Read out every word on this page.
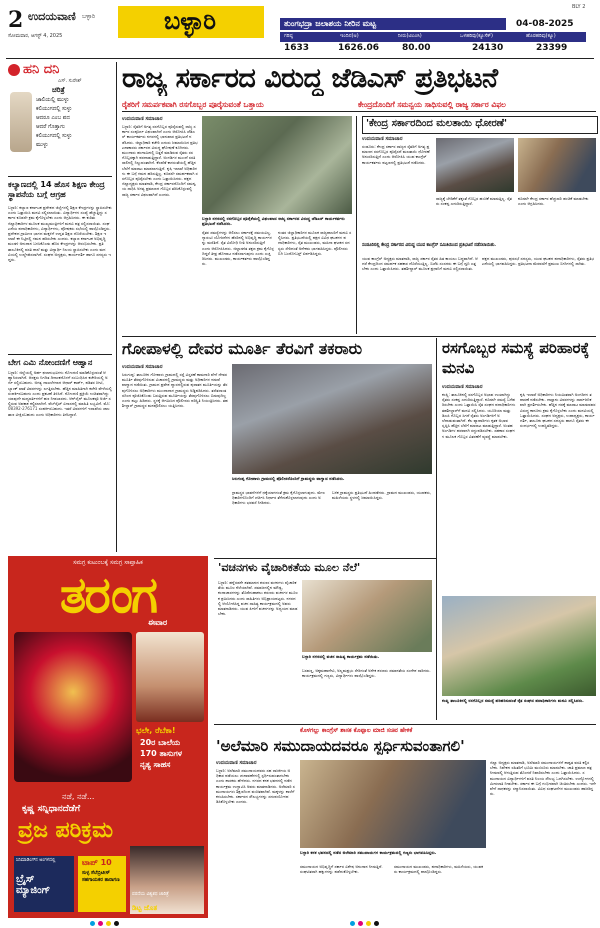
2 ಉದಯವಾಣಿ ಬಳ್ಳಾರಿ
ಸೋಮವಾರ, ಆಗಸ್ಟ್ 4, 2025
ಬಳ್ಳಾರಿ	BLY 2
ತುಂಗಭದ್ರಾ ಜಲಾಶಯ ನೀರಿನ ಮಟ್ಟ	04-08-2025
ಗರಿಷ್ಠ	ಇಂದಿನ(ಅ)	ನೀರು(ಟಿಎಂಸಿ)	ಒಳಹರಿವು(ಕ್ಯೂಸೆಕ್)	ಹೊರಹರಿವು(ಕ್ಯೂ)
1633	1626.06	80.00	24130	23399
ಹನಿ ದನಿ
ಎಸ್. ಸುರೇಶ್
ಚರಿತ್ರೆ
ಜಾಲಿಯಲ್ಲಿ ಮುಳ್ಳು
ಕಲಿಯುಗದಲ್ಲಿ ಸುಳ್ಳು
ಆದರೂ ಎಂಬ ಪದ
ಆದರೆ ಗೊತ್ತಾಗು
ಕಲಿಯುಗದಲ್ಲಿ ಸುಳ್ಳು
ಮುಳ್ಳು
ಕಲ್ಯಾಣದಲ್ಲಿ 14 ಹೊಸ ಶಿಕ್ಷಣ ಕೇಂದ್ರ ಸ್ಥಾಪನೆಯ ಬಗ್ಗೆ ಆಗ್ರಹ
ಬಳ್ಳಾರಿ: ಕಲ್ಯಾಣ ಕರ್ನಾಟಕ ಪ್ರದೇಶದ ಜಿಲ್ಲೆಗಳಲ್ಲಿ ಶಿಕ್ಷಣ ಕೇಂದ್ರಗಳನ್ನು ಸ್ಥಾಪಿಸಬೇಕು ಎಂದು ಒತ್ತಾಯಿಸಿ ಮನವಿ ಸಲ್ಲಿಸಲಾಯಿತು. ವಿದ್ಯಾರ್ಥಿಗಳ ಸಂಖ್ಯೆ ಹೆಚ್ಚುತ್ತಿದ್ದು ಸರ್ಕಾರ ಕೂಡಲೇ ಕ್ರಮ ಕೈಗೊಳ್ಳಬೇಕು ಎಂದು ಆಗ್ರಹಿಸಿದರು. ಈ ಕುರಿತು ಜಿಲ್ಲಾಧಿಕಾರಿಗಳ ಮೂಲಕ ಮುಖ್ಯಮಂತ್ರಿಗಳಿಗೆ ಮನವಿ ಪತ್ರ ಸಲ್ಲಿಸಲಾಯಿತು. ಸಂಘಟನೆಯ ಪದಾಧಿಕಾರಿಗಳು, ವಿದ್ಯಾರ್ಥಿಗಳು, ಪೋಷಕರು ಸಭೆಯಲ್ಲಿ ಪಾಲ್ಗೊಂಡಿದ್ದರು. ಪ್ರದೇಶದ ಗ್ರಾಮೀಣ ಭಾಗದ ಮಕ್ಕಳಿಗೆ ಉನ್ನತ ಶಿಕ್ಷಣ ದೊರೆಯಬೇಕು. ಶಿಕ್ಷಣ ಇಲಾಖೆ ಈ ನಿಟ್ಟಿನಲ್ಲಿ ಗಮನ ಹರಿಸಬೇಕು ಎಂದರು. ಕಲ್ಯಾಣ ಕರ್ನಾಟಕ ಅಭಿವೃದ್ಧಿ ಮಂಡಳಿ ಅನುದಾನ ಬಳಸಿಕೊಂಡು ಹೊಸ ಕೇಂದ್ರಗಳನ್ನು ಆರಂಭಿಸಬೇಕು. ಪ್ರತಿ ತಾಲೂಕಿನಲ್ಲಿ ವಸತಿ ಶಾಲೆ ಮತ್ತು ವಿದ್ಯಾರ್ಥಿ ನಿಲಯ ಸ್ಥಾಪಿಸಬೇಕು ಎಂದು ಮನವಿಯಲ್ಲಿ ಉಲ್ಲೇಖಿಸಲಾಗಿದೆ. ಸಂಘದ ಅಧ್ಯಕ್ಷರು, ಕಾರ್ಯದರ್ಶಿ ಹಾಗೂ ಸದಸ್ಯರು ಇದ್ದರು.
ಬೇಗ ಎಮಿ ನೋಂದಣಿಗೆ ಆಹ್ವಾನ
ಬಳ್ಳಾರಿ: ಜಿಲ್ಲೆಯಲ್ಲಿ ಅರ್ಹ ಫಲಾನುಭವಿಗಳು ನೋಂದಣಿ ಮಾಡಿಕೊಳ್ಳುವಂತೆ ಆಹ್ವಾನಿಸಲಾಗಿದೆ. ಆಸಕ್ತರು ನಿಗದಿತ ದಿನಾಂಕದೊಳಗೆ ಸಂಬಂಧಿಸಿದ ಕಚೇರಿಯಲ್ಲಿ ಅರ್ಜಿ ಸಲ್ಲಿಸಬಹುದು. ಅಗತ್ಯ ದಾಖಲೆಗಳಾದ ಆಧಾರ್ ಕಾರ್ಡ್, ಪಡಿತರ ಚೀಟಿ, ಬ್ಯಾಂಕ್ ಖಾತೆ ವಿವರಗಳನ್ನು ಲಗತ್ತಿಸಬೇಕು. ಹೆಚ್ಚಿನ ಮಾಹಿತಿಗಾಗಿ ಕಚೇರಿ ವೇಳೆಯಲ್ಲಿ ಸಂಪರ್ಕಿಸಬಹುದು ಎಂದು ಪ್ರಕಟಣೆ ತಿಳಿಸಿದೆ. ನೋಂದಣಿ ಪ್ರಕ್ರಿಯೆ ಉಚಿತವಾಗಿದ್ದು ಯಾವುದೇ ಮಧ್ಯವರ್ತಿಗಳಿಗೆ ಹಣ ನೀಡಬಾರದು. ಆನ್‌ಲೈನ್ ಮೂಲಕವೂ ಅರ್ಜಿ ಸಲ್ಲಿಸುವ ಅವಕಾಶ ಕಲ್ಪಿಸಲಾಗಿದೆ. ವೆಬ್‌ಸೈಟ್ ವಿಳಾಸದಲ್ಲಿ ಮಾಹಿತಿ ಲಭ್ಯವಿದೆ. ಮೊ: 08392-276171 ಸಂಪರ್ಕಿಸಬಹುದು. ಇತರೆ ವಿವರಗಳಿಗೆ ಇಲಾಖೆಯ ಜಾಲತಾಣ ವೀಕ್ಷಿಸಬಹುದು ಎಂದು ಅಧಿಕಾರಿಗಳು ತಿಳಿಸಿದ್ದಾರೆ.
ಸಮಗ್ರ ಕುಟುಂಬಕ್ಕೆ ಸಮಗ್ರ ಸಾಪ್ತಾಹಿಕ
ತರಂಗ
ಈವಾರ
ಭಲೇ, ರೆಬೆಕಾ!
20ರ ಬಾಲೆಯ
170 ತಾಸುಗಳ
ನೃತ್ಯ ಸಾಹಸ
ನಡೆ, ನಡೆ...
ಕೃಷ್ಣ ಸನ್ನಿಧಾನದೆಡೆಗೆ
ವ್ರಜ ಪರಿಕ್ರಮ
ಸಿನಿಮಾಡಿಂಗ್‍ನ ಅಂಗಳದಲ್ಲಿ
ಬ್ರೈಸ್ ಮ್ಯಾಜಿಂಗ್
ಟಾಪ್ 10
ಸುಳ್ಳ ಸೆಲೆಬ್ರಿಟೀಸ್ ಸಹಗಾಯಕರ ತಾರಾಗಣ
ಪರದೆಯ ವಿಶ್ವಕಥ ಚಾರಿತ್ರೆ
ಡಿಟ್ಟ ಜೊತ
ರಾಜ್ಯ ಸರ್ಕಾರದ ವಿರುದ್ಧ ಜೆಡಿಎಸ್ ಪ್ರತಿಭಟನೆ
ರೈತರಿಗೆ ಸಮರ್ಪಕವಾಗಿ ರಸಗೊಬ್ಬರ ಪೂರೈಸುವಂತೆ ಒತ್ತಾಯ	ಕೇಂದ್ರದೊಂದಿಗೆ ಸಮನ್ವಯ ಸಾಧಿಸುವಲ್ಲಿ ರಾಜ್ಯ ಸರ್ಕಾರ ವಿಫಲ
ಉದಯವಾಣಿ ಸಮಾಚಾರ
ಬಳ್ಳಾರಿ: ರೈತರಿಗೆ ಅಗತ್ಯ ರಸಗೊಬ್ಬರ ಪೂರೈಸುವಲ್ಲಿ ರಾಜ್ಯ ಸರ್ಕಾರ ಸಂಪೂರ್ಣ ವಿಫಲವಾಗಿದೆ ಎಂದು ಆರೋಪಿಸಿ ಜೆಡಿಎಸ್ ಕಾರ್ಯಕರ್ತರು ನಗರದಲ್ಲಿ ಭಾನುವಾರ ಪ್ರತಿಭಟನೆ ನಡೆಸಿದರು. ಜಿಲ್ಲಾಧಿಕಾರಿ ಕಚೇರಿ ಎದುರು ಜಮಾಯಿಸಿದ ಪ್ರತಿಭಟನಾಕಾರರು ಸರ್ಕಾರದ ವಿರುದ್ಧ ಘೋಷಣೆ ಕೂಗಿದರು. ಮುಂಗಾರು ಹಂಗಾಮಿನಲ್ಲಿ ಬಿತ್ತನೆ ಮಾಡಿರುವ ರೈತರು ರಸಗೊಬ್ಬರಕ್ಕಾಗಿ ಪರದಾಡುತ್ತಿದ್ದಾರೆ. ಅಂಗಡಿಗಳ ಮುಂದೆ ಸರತಿ ಸಾಲಿನಲ್ಲಿ ನಿಲ್ಲುವಂತಾಗಿದೆ. ಕೆಲವೆಡೆ ಕಾಳಸಂತೆಯಲ್ಲಿ ಹೆಚ್ಚಿನ ಬೆಲೆಗೆ ಮಾರಾಟ ಮಾಡಲಾಗುತ್ತಿದೆ. ಕೃಷಿ ಇಲಾಖೆ ಅಧಿಕಾರಿಗಳು ಈ ಬಗ್ಗೆ ಗಮನ ಹರಿಸುತ್ತಿಲ್ಲ. ಕೂಡಲೇ ಸಮರ್ಪಕವಾಗಿ ರಸಗೊಬ್ಬರ ಪೂರೈಸಬೇಕು ಎಂದು ಒತ್ತಾಯಿಸಿದರು. ಪಕ್ಷದ ಜಿಲ್ಲಾಧ್ಯಕ್ಷರು ಮಾತನಾಡಿ, ಕೇಂದ್ರ ಸರ್ಕಾರದೊಂದಿಗೆ ಸಮನ್ವಯ ಸಾಧಿಸಿ ಅಗತ್ಯ ಪ್ರಮಾಣದ ಗೊಬ್ಬರ ತರಿಸಿಕೊಳ್ಳುವಲ್ಲಿ ರಾಜ್ಯ ಸರ್ಕಾರ ವಿಫಲವಾಗಿದೆ ಎಂದರು.
ಬಳ್ಳಾರಿ ನಗರದಲ್ಲಿ ರಸಗೊಬ್ಬರ ಪೂರೈಕೆಯಲ್ಲಿ ವಿಫಲವಾದ ರಾಜ್ಯ ಸರ್ಕಾರದ ವಿರುದ್ಧ ಜೆಡಿಎಸ್ ಕಾರ್ಯಕರ್ತರು ಪ್ರತಿಭಟನೆ ನಡೆಸಿದರು.
ರೈತರ ಸಮಸ್ಯೆಗಳನ್ನು ಆಲಿಸಲು ಸರ್ಕಾರಕ್ಕೆ ಸಮಯವಿಲ್ಲ. ಗ್ಯಾರಂಟಿ ಯೋಜನೆಗಳ ಹೆಸರಿನಲ್ಲಿ ಅಭಿವೃದ್ಧಿ ಕಾರ್ಯಗಳನ್ನು ಮರೆತಿದೆ. ರೈತ ವಿರೋಧಿ ನೀತಿ ಅನುಸರಿಸುತ್ತಿದೆ ಎಂದು ಆರೋಪಿಸಿದರು. ಜಿಲ್ಲಾಡಳಿತ ತಕ್ಷಣ ಕ್ರಮ ಕೈಗೊಳ್ಳದಿದ್ದರೆ ತೀವ್ರ ಹೋರಾಟ ನಡೆಸಲಾಗುವುದು ಎಂದು ಎಚ್ಚರಿಸಿದರು. ಮುಖಂಡರು, ಕಾರ್ಯಕರ್ತರು ಪಾಲ್ಗೊಂಡಿದ್ದರು.
ನಂತರ ಜಿಲ್ಲಾಧಿಕಾರಿಗಳ ಮೂಲಕ ರಾಜ್ಯಪಾಲರಿಗೆ ಮನವಿ ಸಲ್ಲಿಸಿದರು. ಪ್ರತಿಭಟನೆಯಲ್ಲಿ ಪಕ್ಷದ ವಿವಿಧ ಘಟಕಗಳ ಪದಾಧಿಕಾರಿಗಳು, ರೈತ ಮುಖಂಡರು, ಮಹಿಳಾ ಘಟಕದ ಸದಸ್ಯರು ಸೇರಿದಂತೆ ಅನೇಕರು ಭಾಗವಹಿಸಿದ್ದರು. ಪೊಲೀಸರು ಬಿಗಿ ಬಂದೋಬಸ್ತ್ ಏರ್ಪಡಿಸಿದ್ದರು.
'ಕೇಂದ್ರ ಸರ್ಕಾರದಿಂದ ಮಲತಾಯಿ ಧೋರಣೆ'
ಉದಯವಾಣಿ ಸಮಾಚಾರ
ಸಂಡೂರು: ಕೇಂದ್ರ ಸರ್ಕಾರ ರಾಜ್ಯದ ರೈತರಿಗೆ ಅಗತ್ಯ ಪ್ರಮಾಣದ ರಸಗೊಬ್ಬರ ಪೂರೈಸದೆ ಮಲತಾಯಿ ಧೋರಣೆ ಅನುಸರಿಸುತ್ತಿದೆ ಎಂದು ಆರೋಪಿಸಿ ಯುವ ಕಾಂಗ್ರೆಸ್ ಕಾರ್ಯಕರ್ತರು ಪಟ್ಟಣದಲ್ಲಿ ಪ್ರತಿಭಟನೆ ನಡೆಸಿದರು.
ರಾಜ್ಯಕ್ಕೆ ಬೇಡಿಕೆಗೆ ತಕ್ಕಂತೆ ಗೊಬ್ಬರ ಹಂಚಿಕೆ ಮಾಡುತ್ತಿಲ್ಲ. ರೈತರು ಸಂಕಷ್ಟ ಎದುರಿಸುತ್ತಿದ್ದಾರೆ.
ಕೂಡಲೇ ಕೇಂದ್ರ ಸರ್ಕಾರ ಹೆಚ್ಚುವರಿ ಹಂಚಿಕೆ ಮಾಡಬೇಕು ಎಂದು ಆಗ್ರಹಿಸಿದರು.
ಸಂಡೂರಿನಲ್ಲಿ ಕೇಂದ್ರ ಸರ್ಕಾರದ ವಿರುದ್ಧ ಯುವ ಕಾಂಗ್ರೆಸ್ ಸಮಿತಿಯಿಂದ ಪ್ರತಿಭಟನೆ ನಡೆಸಲಾಯಿತು.
ಯುವ ಕಾಂಗ್ರೆಸ್ ಅಧ್ಯಕ್ಷರು ಮಾತನಾಡಿ, ರಾಜ್ಯ ಸರ್ಕಾರ ರೈತರ ಹಿತ ಕಾಯಲು ಬದ್ಧವಾಗಿದೆ. ಆದರೆ ಕೇಂದ್ರದಿಂದ ಸಮರ್ಪಕ ಸಹಕಾರ ದೊರೆಯುತ್ತಿಲ್ಲ. ಬಿಜೆಪಿ ಸಂಸದರು ಈ ಬಗ್ಗೆ ಧ್ವನಿ ಎತ್ತಬೇಕು ಎಂದು ಒತ್ತಾಯಿಸಿದರು. ತಹಶೀಲ್ದಾರ್ ಮೂಲಕ ಪ್ರಧಾನಿಗೆ ಮನವಿ ಸಲ್ಲಿಸಲಾಯಿತು.
ಪಕ್ಷದ ಮುಖಂಡರು, ಪುರಸಭೆ ಸದಸ್ಯರು, ಯುವ ಘಟಕದ ಪದಾಧಿಕಾರಿಗಳು, ರೈತರು ಪ್ರತಿಭಟನೆಯಲ್ಲಿ ಭಾಗವಹಿಸಿದ್ದರು. ಪ್ರತಿಭಟನಾ ಮೆರವಣಿಗೆ ಪ್ರಮುಖ ಬೀದಿಗಳಲ್ಲಿ ಸಾಗಿತು.
ಗೋಪಾಳಲ್ಲಿ ದೇವರ ಮೂರ್ತಿ ತೆರವಿಗೆ ತಕರಾರು
ಉದಯವಾಣಿ ಸಮಾಚಾರ
ಸಿರುಗುಪ್ಪ: ತಾಲೂಕಿನ ಗೋಪಾಳು ಗ್ರಾಮದಲ್ಲಿ ರಸ್ತೆ ವಿಸ್ತರಣೆ ಕಾಮಗಾರಿ ವೇಳೆ ದೇವರ ಮೂರ್ತಿ ತೆರವುಗೊಳಿಸುವ ವಿಚಾರದಲ್ಲಿ ಗ್ರಾಮಸ್ಥರು ಮತ್ತು ಅಧಿಕಾರಿಗಳ ನಡುವೆ ವಾಗ್ವಾದ ನಡೆಯಿತು. ಗ್ರಾಮದ ಪ್ರವೇಶ ದ್ವಾರದಲ್ಲಿರುವ ಪುರಾತನ ಮೂರ್ತಿಯನ್ನು ತೆರವುಗೊಳಿಸಲು ಅಧಿಕಾರಿಗಳು ಮುಂದಾದಾಗ ಗ್ರಾಮಸ್ಥರು ಅಡ್ಡಿಪಡಿಸಿದರು. ತಲೆತಲಾಂತರದಿಂದ ಪೂಜಿಸಿಕೊಂಡು ಬರುತ್ತಿರುವ ಮೂರ್ತಿಯನ್ನು ತೆರವುಗೊಳಿಸಲು ಬಿಡುವುದಿಲ್ಲ ಎಂದು ಪಟ್ಟು ಹಿಡಿದರು. ಸ್ಥಳಕ್ಕೆ ಆಗಮಿಸಿದ ಪೊಲೀಸರು ಪರಿಸ್ಥಿತಿ ನಿಯಂತ್ರಿಸಿದರು. ತಹಶೀಲ್ದಾರ್ ಗ್ರಾಮಸ್ಥರ ಮನವೊಲಿಸಲು ಯತ್ನಿಸಿದರು.
ಸಿರುಗುಪ್ಪ ಗೋಪಾಳು ಗ್ರಾಮದಲ್ಲಿ ಪೊಲೀಸರೊಂದಿಗೆ ಗ್ರಾಮಸ್ಥರು ವಾಗ್ವಾದ ನಡೆಸಿದರು.
ಗ್ರಾಮಸ್ಥರ ಭಾವನೆಗಳಿಗೆ ಧಕ್ಕೆಯಾಗದಂತೆ ಕ್ರಮ ಕೈಗೊಳ್ಳಲಾಗುವುದು. ಮೇಲಧಿಕಾರಿಗಳೊಂದಿಗೆ ಚರ್ಚಿಸಿ ನಿರ್ಧಾರ ತೆಗೆದುಕೊಳ್ಳಲಾಗುವುದು ಎಂದು ಅಧಿಕಾರಿಗಳು ಭರವಸೆ ನೀಡಿದರು.
ಬಳಿಕ ಗ್ರಾಮಸ್ಥರು ಪ್ರತಿಭಟನೆ ಹಿಂಪಡೆದರು. ಗ್ರಾಮದ ಮುಖಂಡರು, ಯುವಕರು, ಮಹಿಳೆಯರು ಸ್ಥಳದಲ್ಲಿ ಜಮಾಯಿಸಿದ್ದರು.
ರಸಗೊಬ್ಬರ ಸಮಸ್ಯೆ ಪರಿಹಾರಕ್ಕೆ ಮನವಿ
ಉದಯವಾಣಿ ಸಮಾಚಾರ
ಕಂಪ್ಲಿ: ತಾಲೂಕಿನಲ್ಲಿ ರಸಗೊಬ್ಬರ ಅಭಾವ ಉಂಟಾಗಿದ್ದು ರೈತರು ಸಂಕಷ್ಟ ಎದುರಿಸುತ್ತಿದ್ದಾರೆ. ಕೂಡಲೇ ಸಮಸ್ಯೆ ಬಗೆಹರಿಸಬೇಕು ಎಂದು ಒತ್ತಾಯಿಸಿ ರೈತ ಸಂಘದ ಪದಾಧಿಕಾರಿಗಳು ತಹಶೀಲ್ದಾರ್‌ಗೆ ಮನವಿ ಸಲ್ಲಿಸಿದರು. ಯೂರಿಯಾ ಮತ್ತು ಡಿಎಪಿ ಗೊಬ್ಬರ ಸಿಗದೆ ರೈತರು ಅಂಗಡಿಗಳಿಗೆ ಅಲೆದಾಡುವಂತಾಗಿದೆ. ಕೆಲ ವ್ಯಾಪಾರಿಗಳು ಕೃತಕ ಅಭಾವ ಸೃಷ್ಟಿಸಿ ಹೆಚ್ಚಿನ ಬೆಲೆಗೆ ಮಾರಾಟ ಮಾಡುತ್ತಿದ್ದಾರೆ. ಅಂತಹ ಅಂಗಡಿಗಳ ಪರವಾನಗಿ ರದ್ದುಪಡಿಸಬೇಕು. ಸಹಕಾರ ಸಂಘಗಳ ಮೂಲಕ ಗೊಬ್ಬರ ವಿತರಣೆಗೆ ವ್ಯವಸ್ಥೆ ಮಾಡಬೇಕು.
ಕೃಷಿ ಇಲಾಖೆ ಅಧಿಕಾರಿಗಳು ನಿಯಮಿತವಾಗಿ ಅಂಗಡಿಗಳ ತಪಾಸಣೆ ನಡೆಸಬೇಕು. ದಾಸ್ತಾನು ವಿವರಗಳನ್ನು ಸಾರ್ವಜನಿಕವಾಗಿ ಪ್ರದರ್ಶಿಸಬೇಕು. ಹೆಚ್ಚಿನ ದರಕ್ಕೆ ಮಾರಾಟ ಮಾಡುವವರ ವಿರುದ್ಧ ಕಾನೂನು ಕ್ರಮ ಕೈಗೊಳ್ಳಬೇಕು ಎಂದು ಮನವಿಯಲ್ಲಿ ಒತ್ತಾಯಿಸಿದರು. ಸಂಘದ ಅಧ್ಯಕ್ಷರು, ಉಪಾಧ್ಯಕ್ಷರು, ಕಾರ್ಯದರ್ಶಿ, ತಾಲೂಕು ಘಟಕದ ಸದಸ್ಯರು ಹಾಗೂ ರೈತರು ಈ ಸಂದರ್ಭದಲ್ಲಿ ಉಪಸ್ಥಿತರಿದ್ದರು.
ಕಂಪ್ಲಿ ತಾಲೂಕಿನಲ್ಲಿ ರಸಗೊಬ್ಬರ ಸಮಸ್ಯೆ ಪರಿಹರಿಸುವಂತೆ ರೈತ ಸಂಘದ ಪದಾಧಿಕಾರಿಗಳು ಮನವಿ ಸಲ್ಲಿಸಿದರು.
'ವಚನಗಳು ವೈಚಾರಿಕತೆಯ ಮೂಲ ನೆಲೆ'
ಬಳ್ಳಾರಿ ನಗರದಲ್ಲಿ ವಚನ ಸಾಹಿತ್ಯ ಕಾರ್ಯಕ್ರಮ ನಡೆಯಿತು.
ಬಳ್ಳಾರಿ: ಹನ್ನೆರಡನೇ ಶತಮಾನದ ಶರಣರ ವಚನಗಳು ವೈಚಾರಿಕತೆಯ ಮೂಲ ನೆಲೆಯಾಗಿವೆ. ಸಮಾಜದಲ್ಲಿನ ಮೌಢ್ಯ, ಕಂದಾಚಾರಗಳನ್ನು ತೊಡೆದುಹಾಕಲು ಶರಣರು ವಚನಗಳ ಮೂಲಕ ಶ್ರಮಿಸಿದರು ಎಂದು ಸಾಹಿತಿಗಳು ಅಭಿಪ್ರಾಯಪಟ್ಟರು. ನಗರದಲ್ಲಿ ಆಯೋಜಿಸಿದ್ದ ವಚನ ಸಾಹಿತ್ಯ ಕಾರ್ಯಕ್ರಮದಲ್ಲಿ ಅವರು ಮಾತನಾಡಿದರು. ಯುವ ಪೀಳಿಗೆ ವಚನಗಳನ್ನು ಅಧ್ಯಯನ ಮಾಡಬೇಕು.
ಬಸವಣ್ಣ, ಅಕ್ಕಮಹಾದೇವಿ, ಅಲ್ಲಮಪ್ರಭು ಸೇರಿದಂತೆ ಅನೇಕ ಶರಣರು ಸಮಾನತೆಯ ಸಂದೇಶ ಸಾರಿದರು. ಕಾರ್ಯಕ್ರಮದಲ್ಲಿ ಗಣ್ಯರು, ವಿದ್ಯಾರ್ಥಿಗಳು ಪಾಲ್ಗೊಂಡಿದ್ದರು.
ಕೊಳಗಲ್ಲು ಕಾಂಗ್ರೆಸ್ ಶಾಸಕ ಕೊಪ್ಪಾಲ ಮಾಜಿ ಸಚಿವ ಹೇಳಿಕೆ
'ಅಲೆಮಾರಿ ಸಮುದಾಯದವರೂ ಸ್ಪರ್ಧಿಸುವಂತಾಗಲಿ'
ಉದಯವಾಣಿ ಸಮಾಚಾರ
ಬಳ್ಳಾರಿ: ಅಲೆಮಾರಿ ಸಮುದಾಯದವರು ಸಹ ರಾಜಕೀಯ ಅಧಿಕಾರ ಪಡೆಯಲು ಚುನಾವಣೆಗಳಲ್ಲಿ ಸ್ಪರ್ಧಿಸುವಂತಾಗಬೇಕು ಎಂದು ಶಾಸಕರು ಹೇಳಿದರು. ನಗರದ ಕನಕ ಭವನದಲ್ಲಿ ನಡೆದ ಕಾರ್ಯಕ್ರಮ ಉದ್ಘಾಟಿಸಿ ಅವರು ಮಾತನಾಡಿದರು. ಅಲೆಮಾರಿ ಸಮುದಾಯಗಳು ಶಿಕ್ಷಣದಿಂದ ವಂಚಿತವಾಗಿವೆ. ಮಕ್ಕಳನ್ನು ಶಾಲೆಗೆ ಕಳುಹಿಸಬೇಕು. ಸರ್ಕಾರದ ಸೌಲಭ್ಯಗಳನ್ನು ಸದುಪಯೋಗಪಡಿಸಿಕೊಳ್ಳಬೇಕು ಎಂದರು.
ಬಳ್ಳಾರಿ ಕನಕ ಭವನದಲ್ಲಿ ನಡೆದ ಅಲೆಮಾರಿ ಸಮುದಾಯಗಳ ಕಾರ್ಯಕ್ರಮದಲ್ಲಿ ಗಣ್ಯರು ಭಾಗವಹಿಸಿದ್ದರು.
ಸಮುದಾಯದ ಅಭಿವೃದ್ಧಿಗೆ ಸರ್ಕಾರ ವಿಶೇಷ ಅನುದಾನ ನೀಡುತ್ತಿದೆ. ಸಂಘಟಿತರಾಗಿ ಹಕ್ಕುಗಳನ್ನು ಪಡೆದುಕೊಳ್ಳಬೇಕು.
ಸಮುದಾಯದ ಮುಖಂಡರು, ಪದಾಧಿಕಾರಿಗಳು, ಮಹಿಳೆಯರು, ಯುವಕರು ಕಾರ್ಯಕ್ರಮದಲ್ಲಿ ಪಾಲ್ಗೊಂಡಿದ್ದರು.
ಜಿಲ್ಲಾ ಅಧ್ಯಕ್ಷರು ಮಾತನಾಡಿ, ಅಲೆಮಾರಿ ಸಮುದಾಯಗಳಿಗೆ ಶಾಶ್ವತ ವಸತಿ ಕಲ್ಪಿಸಬೇಕು. ನಿವೇಶನ ರಹಿತರಿಗೆ ಭೂಮಿ ಮಂಜೂರು ಮಾಡಬೇಕು. ಜಾತಿ ಪ್ರಮಾಣ ಪತ್ರ ನೀಡುವಲ್ಲಿ ಆಗುತ್ತಿರುವ ತೊಂದರೆ ನಿವಾರಿಸಬೇಕು ಎಂದು ಒತ್ತಾಯಿಸಿದರು. ಸಮುದಾಯದ ವಿದ್ಯಾರ್ಥಿಗಳಿಗೆ ವಸತಿ ನಿಲಯ ಸೌಲಭ್ಯ ಒದಗಿಸಬೇಕು. ಉದ್ಯೋಗದಲ್ಲಿ ಮೀಸಲಾತಿ ನೀಡಬೇಕು. ಸರ್ಕಾರ ಈ ಬಗ್ಗೆ ಗಂಭೀರವಾಗಿ ಚಿಂತಿಸಬೇಕು ಎಂದರು. ಇದೇ ವೇಳೆ ಸಾಧಕರನ್ನು ಸನ್ಮಾನಿಸಲಾಯಿತು. ವಿವಿಧ ಸಂಘಟನೆಗಳ ಮುಖಂಡರು ಹಾಜರಿದ್ದರು.
